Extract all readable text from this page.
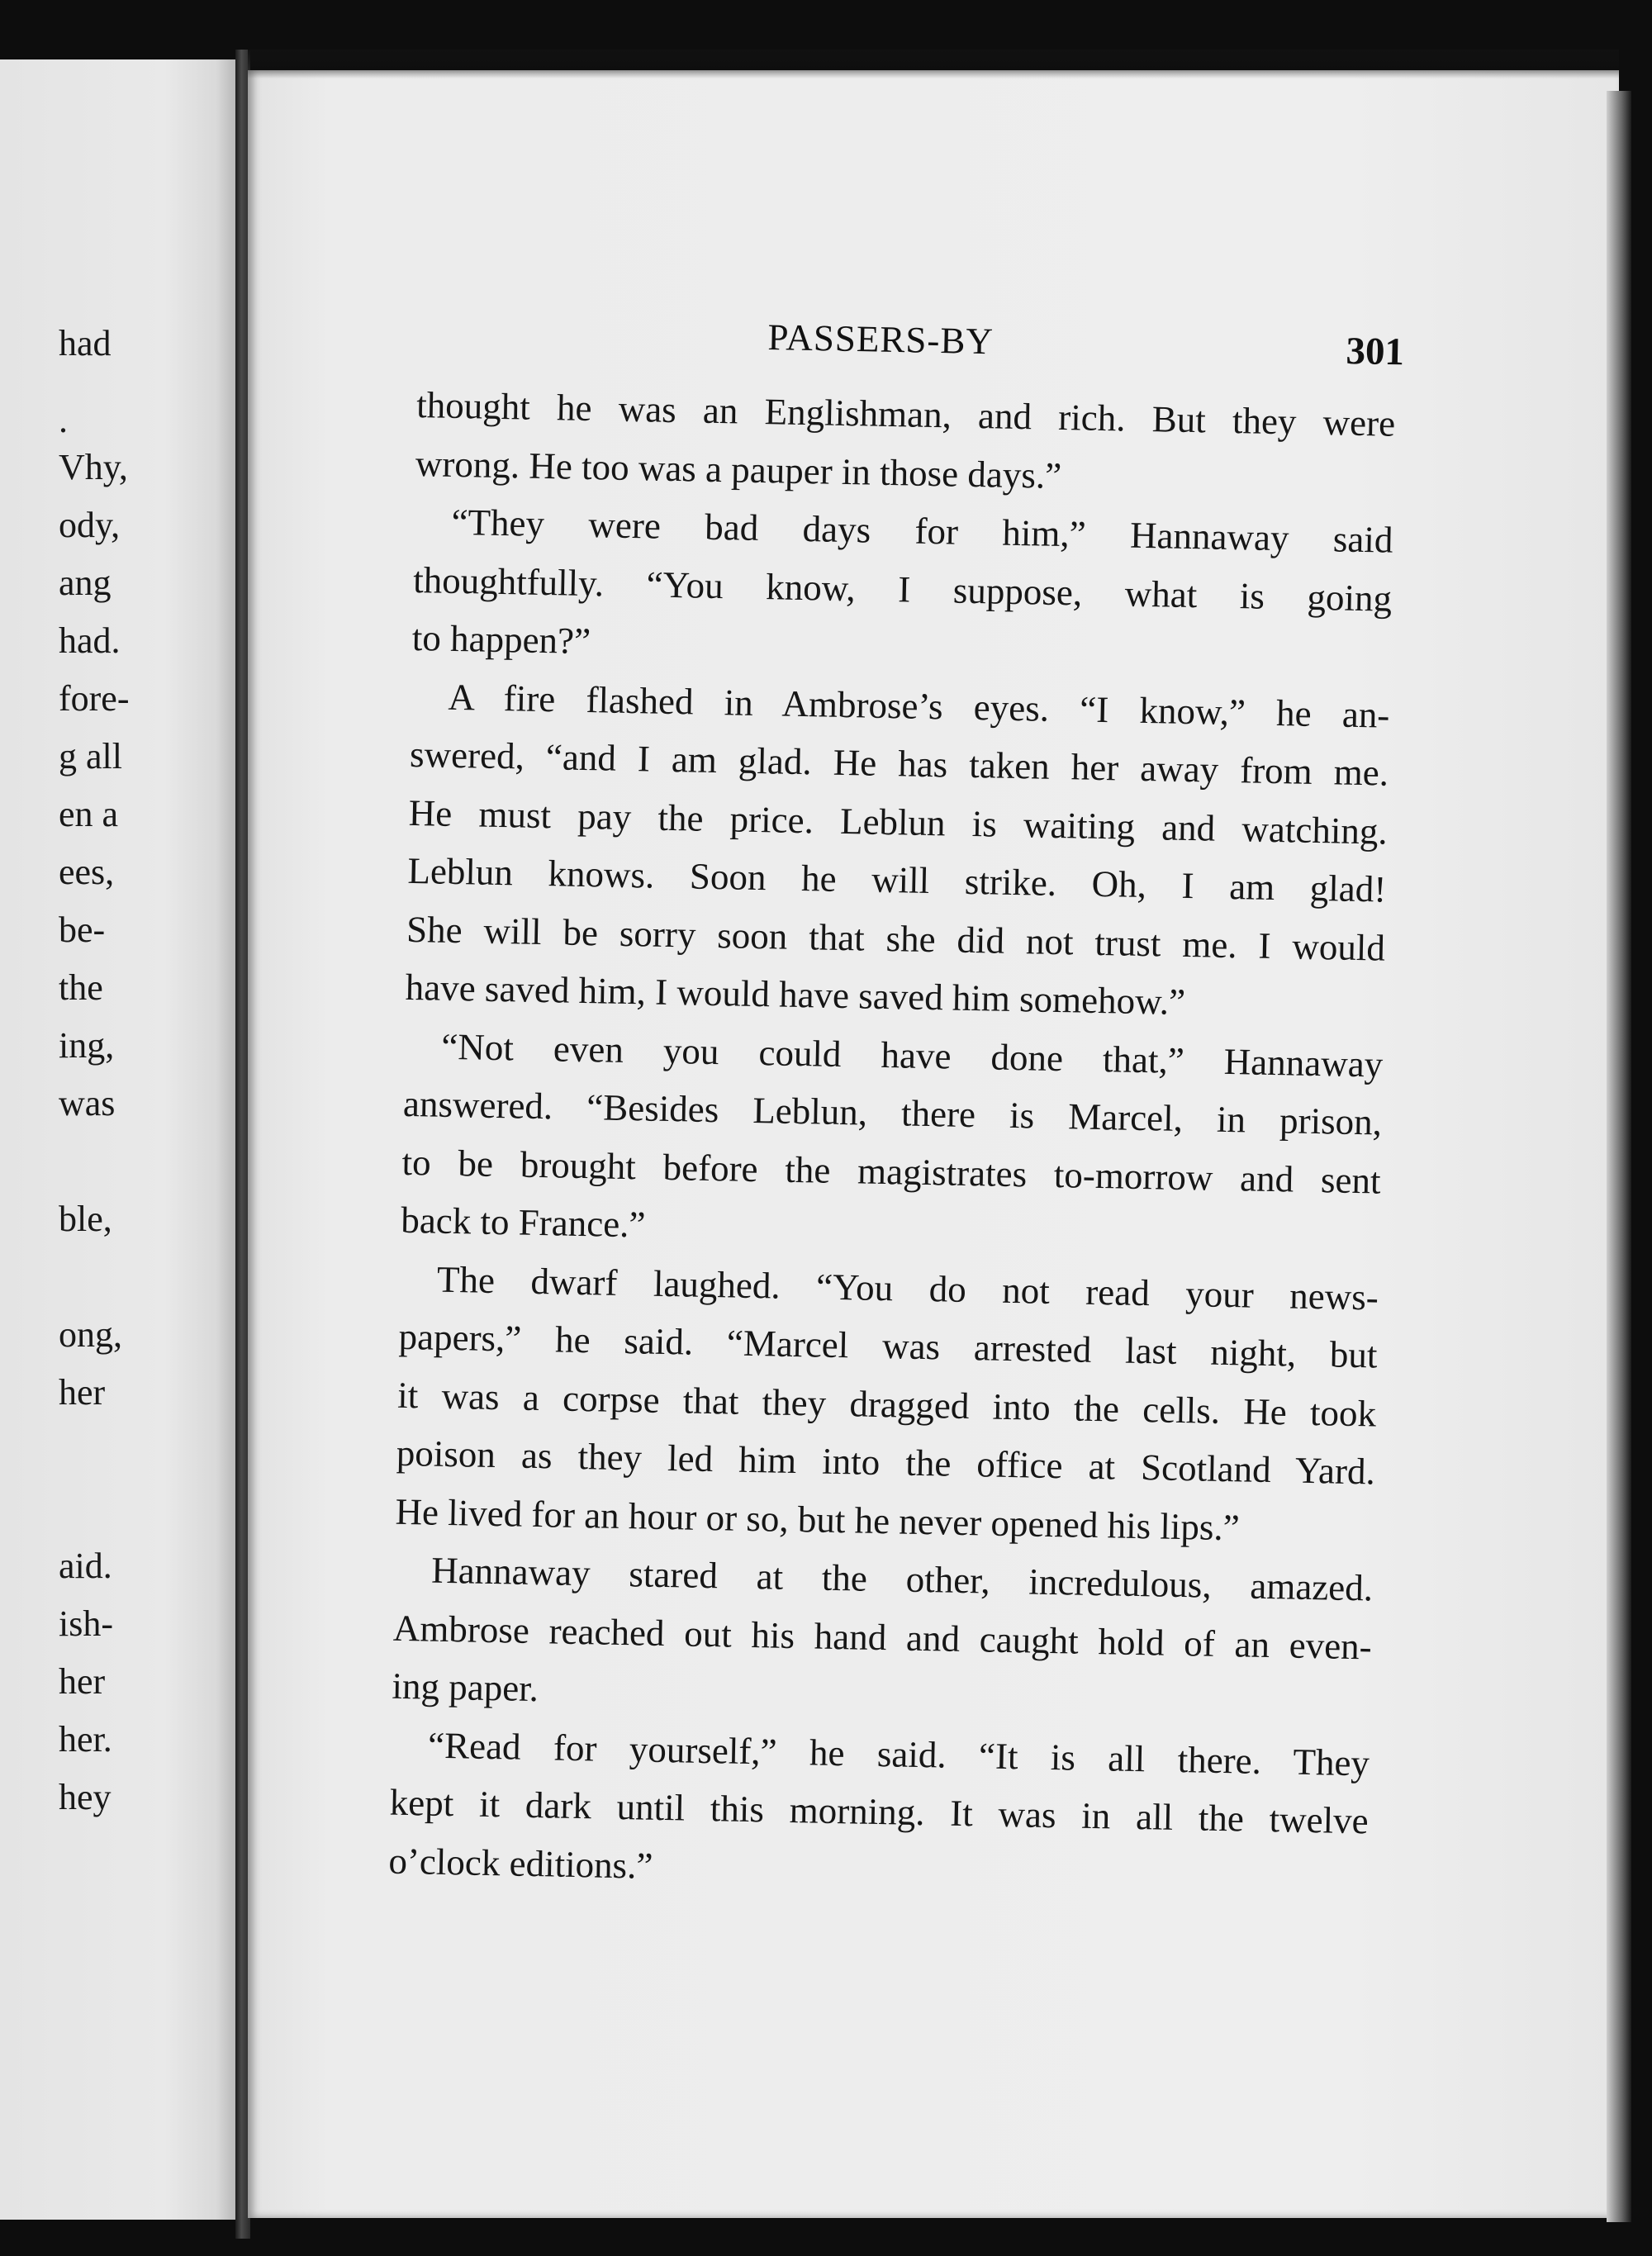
had
.
Vhy,
ody,
ang
had.
fore-
g all
en a
ees,
be-
the
ing,
was
ble,
ong,
her
aid.
ish-
her
her.
hey
PASSERS-BY	301
thought he was an Englishman, and rich. But they were
wrong. He too was a pauper in those days.”
“They were bad days for him,” Hannaway said
thoughtfully. “You know, I suppose, what is going
to happen?”
A fire flashed in Ambrose’s eyes. “I know,” he an-
swered, “and I am glad. He has taken her away from me.
He must pay the price. Leblun is waiting and watching.
Leblun knows. Soon he will strike. Oh, I am glad!
She will be sorry soon that she did not trust me. I would
have saved him, I would have saved him somehow.”
“Not even you could have done that,” Hannaway
answered. “Besides Leblun, there is Marcel, in prison,
to be brought before the magistrates to-morrow and sent
back to France.”
The dwarf laughed. “You do not read your news-
papers,” he said. “Marcel was arrested last night, but
it was a corpse that they dragged into the cells. He took
poison as they led him into the office at Scotland Yard.
He lived for an hour or so, but he never opened his lips.”
Hannaway stared at the other, incredulous, amazed.
Ambrose reached out his hand and caught hold of an even-
ing paper.
“Read for yourself,” he said. “It is all there. They
kept it dark until this morning. It was in all the twelve
o’clock editions.”
